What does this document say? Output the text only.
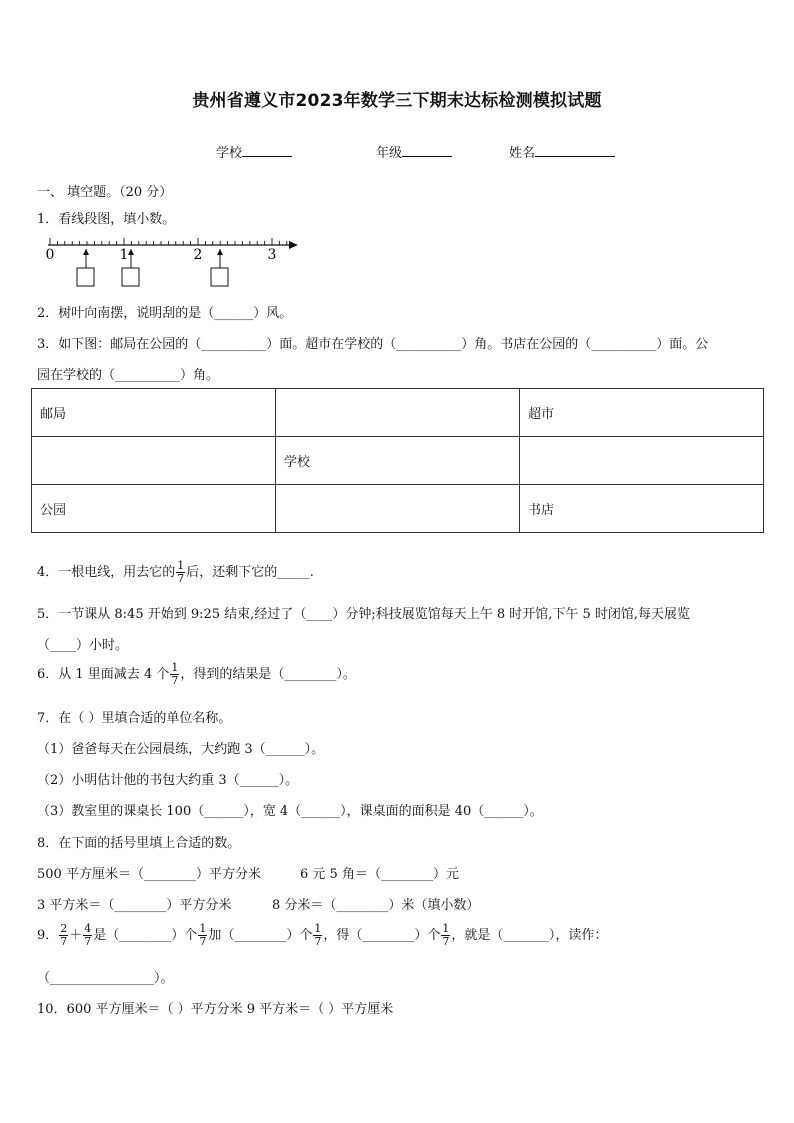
贵州省遵义市2023年数学三下期末达标检测模拟试题
学校	年级	姓名
一、 填空题。（20 分）
1．看线段图，填小数。
0	1	2	3
2．树叶向南摆，说明刮的是（______）风。
3．如下图：邮局在公园的（__________）面。超市在学校的（__________）角。书店在公园的（__________）面。公
园在学校的（__________）角。
邮局		超市
	学校	
公园		书店
4．一根电线，用去它的 $\frac{1}{7}$ 后，还剩下它的_____.
5．一节课从 8:45 开始到 9:25 结束,经过了（____）分钟;科技展览馆每天上午 8 时开馆,下午 5 时闭馆,每天展览
（____）小时。
6．从 1 里面减去 4 个 $\frac{1}{7}$ ，得到的结果是（________）。
7．在（ ）里填合适的单位名称。
（1）爸爸每天在公园晨练，大约跑 3（______）。
（2）小明估计他的书包大约重 3（______）。
（3）教室里的课桌长 100（______），宽 4（______），课桌面的面积是 40（______）。
8．在下面的括号里填上合适的数。
500 平方厘米＝（________）平方分米	6 元 5 角＝（________）元
3 平方米＝（________）平方分米	8 分米＝（________）米（填小数）
9． $\frac{2}{7} + \frac{4}{7}$ 是（________）个 $\frac{1}{7}$ 加（________）个 $\frac{1}{7}$ ，得（________）个 $\frac{1}{7}$ ，就是（_______），读作：
（________________）。
10．600 平方厘米＝（ ）平方分米 9 平方米＝（ ）平方厘米
